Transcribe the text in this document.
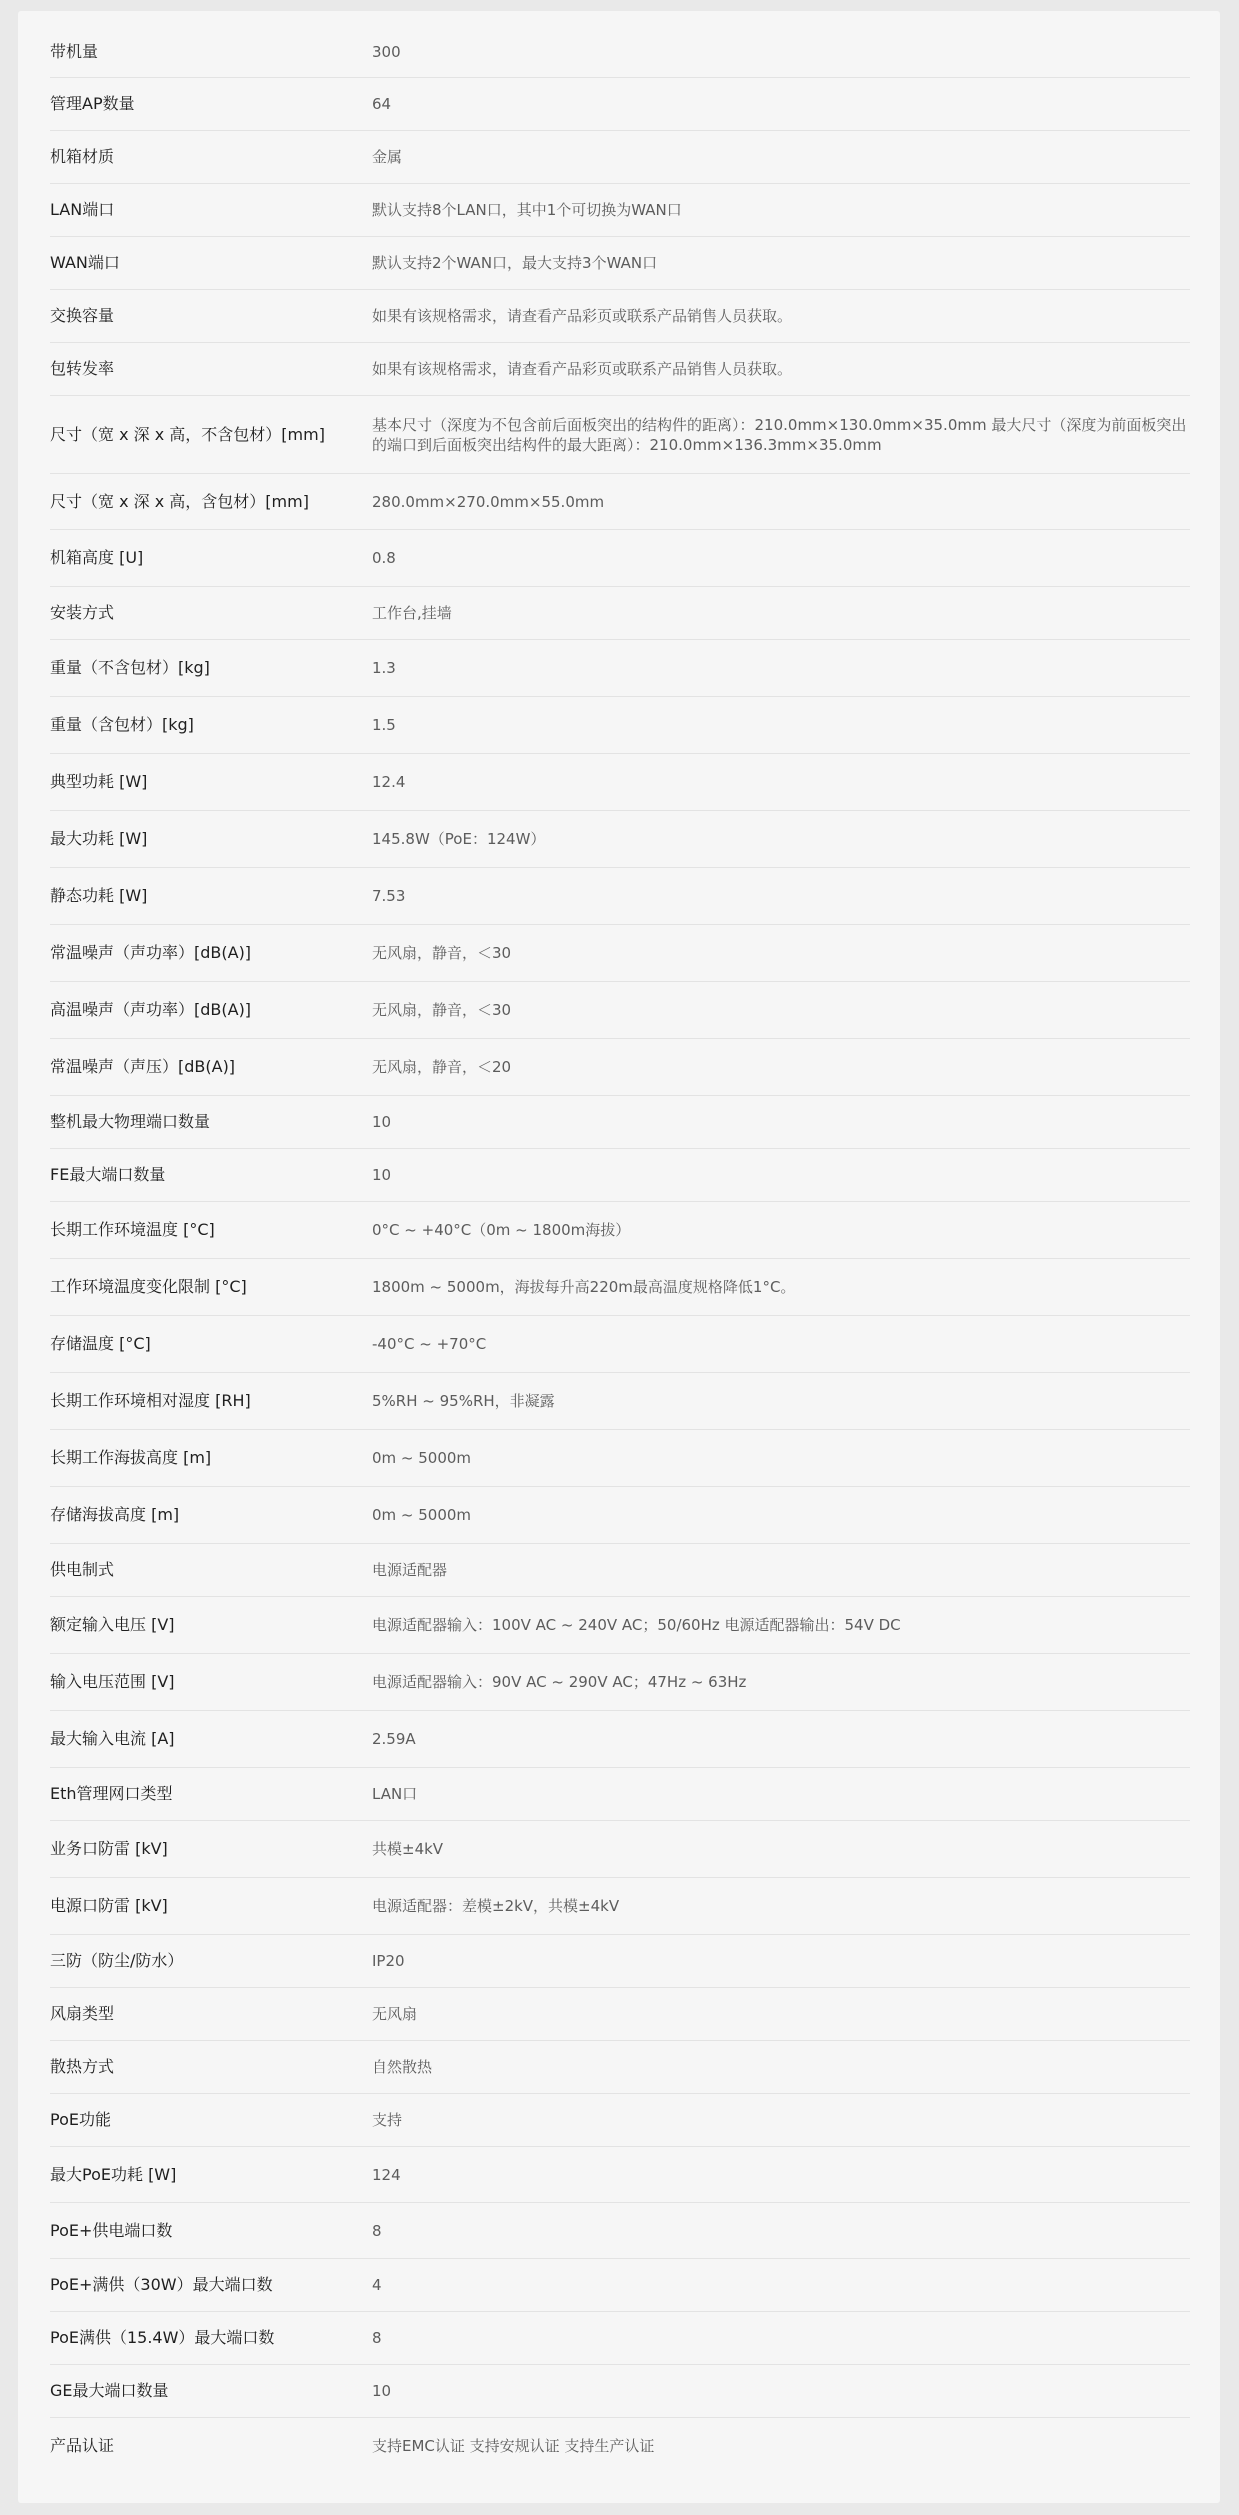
带机量	300
管理AP数量	64
机箱材质	金属
LAN端口	默认支持8个LAN口，其中1个可切换为WAN口
WAN端口	默认支持2个WAN口，最大支持3个WAN口
交换容量	如果有该规格需求，请查看产品彩页或联系产品销售人员获取。
包转发率	如果有该规格需求，请查看产品彩页或联系产品销售人员获取。
尺寸（宽 x 深 x 高，不含包材）[mm]	基本尺寸（深度为不包含前后面板突出的结构件的距离）：210.0mm×130.0mm×35.0mm 最大尺寸（深度为前面板突出的端口到后面板突出结构件的最大距离）：210.0mm×136.3mm×35.0mm
尺寸（宽 x 深 x 高，含包材）[mm]	280.0mm×270.0mm×55.0mm
机箱高度 [U]	0.8
安装方式	工作台,挂墙
重量（不含包材）[kg]	1.3
重量（含包材）[kg]	1.5
典型功耗 [W]	12.4
最大功耗 [W]	145.8W（PoE：124W）
静态功耗 [W]	7.53
常温噪声（声功率）[dB(A)]	无风扇，静音，＜30
高温噪声（声功率）[dB(A)]	无风扇，静音，＜30
常温噪声（声压）[dB(A)]	无风扇，静音，＜20
整机最大物理端口数量	10
FE最大端口数量	10
长期工作环境温度 [°C]	0°C ~ +40°C（0m ~ 1800m海拔）
工作环境温度变化限制 [°C]	1800m ~ 5000m，海拔每升高220m最高温度规格降低1°C。
存储温度 [°C]	-40°C ~ +70°C
长期工作环境相对湿度 [RH]	5%RH ~ 95%RH，非凝露
长期工作海拔高度 [m]	0m ~ 5000m
存储海拔高度 [m]	0m ~ 5000m
供电制式	电源适配器
额定输入电压 [V]	电源适配器输入：100V AC ~ 240V AC；50/60Hz 电源适配器输出：54V DC
输入电压范围 [V]	电源适配器输入：90V AC ~ 290V AC；47Hz ~ 63Hz
最大输入电流 [A]	2.59A
Eth管理网口类型	LAN口
业务口防雷 [kV]	共模±4kV
电源口防雷 [kV]	电源适配器：差模±2kV，共模±4kV
三防（防尘/防水）	IP20
风扇类型	无风扇
散热方式	自然散热
PoE功能	支持
最大PoE功耗 [W]	124
PoE+供电端口数	8
PoE+满供（30W）最大端口数	4
PoE满供（15.4W）最大端口数	8
GE最大端口数量	10
产品认证	支持EMC认证 支持安规认证 支持生产认证
